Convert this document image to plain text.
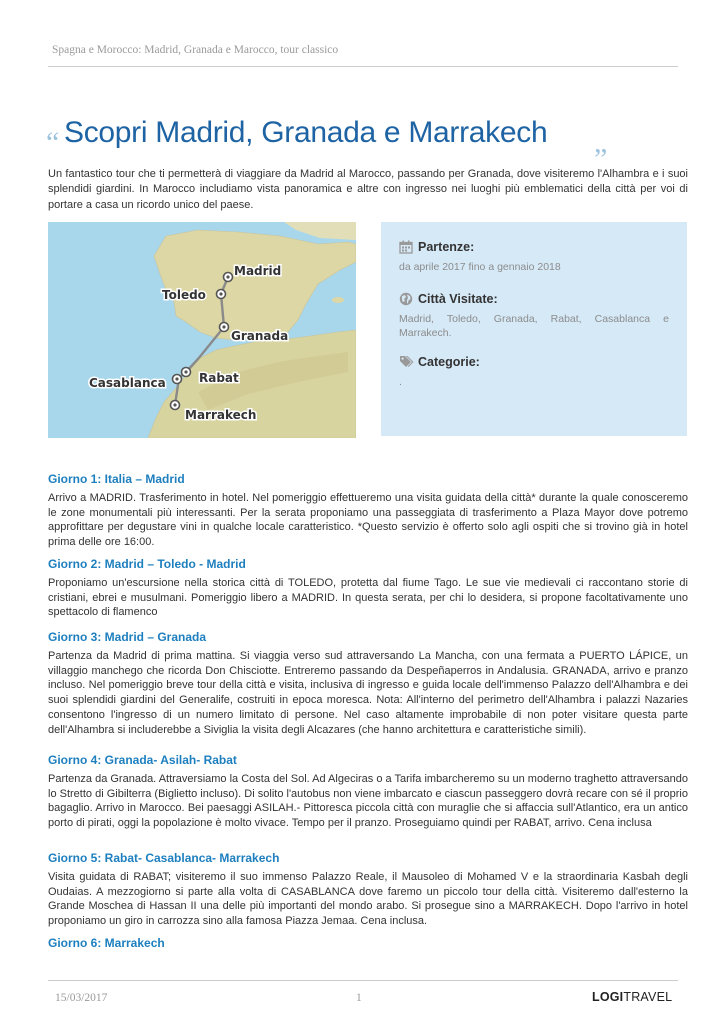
Spagna e Morocco: Madrid, Granada e Marocco, tour classico
“ Scopri Madrid, Granada e Marrakech „

Un fantastico tour che ti permetterà di viaggiare da Madrid al Marocco, passando per Granada, dove visiteremo l'Alhambra e i suoi splendidi giardini. In Marocco includiamo vista panoramica e altre con ingresso nei luoghi più emblematici della città per voi di portare a casa un ricordo unico del paese.

Madrid
Toledo
Granada
Rabat
Casablanca
Marrakech
Partenze:
da aprile 2017 fino a gennaio 2018
Città Visitate:
Madrid, Toledo, Granada, Rabat, Casablanca e Marrakech.
Categorie:
.
Giorno 1: Italia – Madrid
Arrivo a MADRID. Trasferimento in hotel. Nel pomeriggio effettueremo una visita guidata della città* durante la quale conosceremo le zone monumentali più interessanti. Per la serata proponiamo una passeggiata di trasferimento a Plaza Mayor dove potremo approfittare per degustare vini in qualche locale caratteristico. *Questo servizio è offerto solo agli ospiti che si trovino già in hotel prima delle ore 16:00.
Giorno 2: Madrid – Toledo - Madrid
Proponiamo un'escursione nella storica città di TOLEDO, protetta dal fiume Tago. Le sue vie medievali ci raccontano storie di cristiani, ebrei e musulmani. Pomeriggio libero a MADRID. In questa serata, per chi lo desidera, si propone facoltativamente uno spettacolo di flamenco
Giorno 3: Madrid – Granada
Partenza da Madrid di prima mattina. Si viaggia verso sud attraversando La Mancha, con una fermata a PUERTO LÁPICE, un villaggio manchego che ricorda Don Chisciotte. Entreremo passando da Despeñaperros in Andalusia. GRANADA, arrivo e pranzo incluso. Nel pomeriggio breve tour della città e visita, inclusiva di ingresso e guida locale dell'immenso Palazzo dell'Alhambra e dei suoi splendidi giardini del Generalife, costruiti in epoca moresca. Nota: All'interno del perimetro dell'Alhambra i palazzi Nazaries consentono l'ingresso di un numero limitato di persone. Nel caso altamente improbabile di non poter visitare questa parte dell'Alhambra si includerebbe a Siviglia la visita degli Alcazares (che hanno architettura e caratteristiche simili).
Giorno 4: Granada- Asilah- Rabat
Partenza da Granada. Attraversiamo la Costa del Sol. Ad Algeciras o a Tarifa imbarcheremo su un moderno traghetto attraversando lo Stretto di Gibilterra (Biglietto incluso). Di solito l'autobus non viene imbarcato e ciascun passeggero dovrà recare con sé il proprio bagaglio. Arrivo in Marocco. Bei paesaggi ASILAH.- Pittoresca piccola città con muraglie che si affaccia sull'Atlantico, era un antico porto di pirati, oggi la popolazione è molto vivace. Tempo per il pranzo. Proseguiamo quindi per RABAT, arrivo. Cena inclusa
Giorno 5: Rabat- Casablanca- Marrakech
Visita guidata di RABAT; visiteremo il suo immenso Palazzo Reale, il Mausoleo di Mohamed V e la straordinaria Kasbah degli Oudaias. A mezzogiorno si parte alla volta di CASABLANCA dove faremo un piccolo tour della città. Visiteremo dall'esterno la Grande Moschea di Hassan II una delle più importanti del mondo arabo. Si prosegue sino a MARRAKECH. Dopo l'arrivo in hotel proponiamo un giro in carrozza sino alla famosa Piazza Jemaa. Cena inclusa.
Giorno 6: Marrakech
15/03/2017	1	LOGITRAVEL
